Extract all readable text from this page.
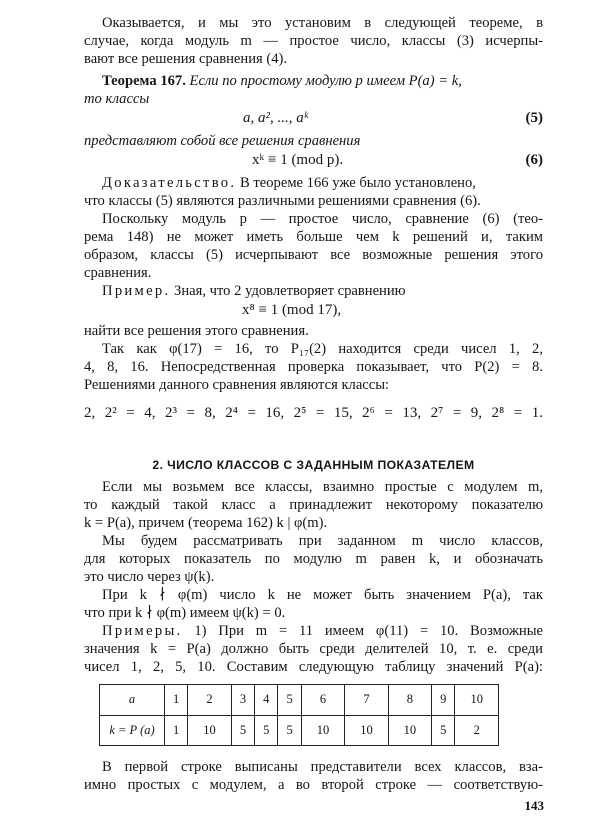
Оказывается, и мы это установим в следующей теореме, в
случае, когда модуль m — простое число, классы (3) исчерпы-
вают все решения сравнения (4).
Теорема 167. Если по простому модулю p имеем P(a) = k,
то классы
a, a², ..., aᵏ	(5)
представляют собой все решения сравнения
xᵏ ≡ 1 (mod p).	(6)
Доказательство. В теореме 166 уже было установлено,
что классы (5) являются различными решениями сравнения (6).
Поскольку модуль p — простое число, сравнение (6) (тео-
рема 148) не может иметь больше чем k решений и, таким
образом, классы (5) исчерпывают все возможные решения этого
сравнения.
Пример. Зная, что 2 удовлетворяет сравнению
x⁸ ≡ 1 (mod 17),
найти все решения этого сравнения.
Так как φ(17) = 16, то P₁₇(2) находится среди чисел 1, 2,
4, 8, 16. Непосредственная проверка показывает, что P(2) = 8.
Решениями данного сравнения являются классы:
2, 2² = 4, 2³ = 8, 2⁴ = 16, 2⁵ = 15, 2⁶ = 13, 2⁷ = 9, 2⁸ = 1.
2. ЧИСЛО КЛАССОВ С ЗАДАННЫМ ПОКАЗАТЕЛЕМ
Если мы возьмем все классы, взаимно простые с модулем m,
то каждый такой класс a принадлежит некоторому показателю
k = P(a), причем (теорема 162) k | φ(m).
Мы будем рассматривать при заданном m число классов,
для которых показатель по модулю m равен k, и обозначать
это число через ψ(k).
При k ∤ φ(m) число k не может быть значением P(a), так
что при k ∤ φ(m) имеем ψ(k) = 0.
a	1	2	3	4	5	6	7	8	9	10
k = P (a)	1	10	5	5	5	10	10	10	5	2
В первой строке выписаны представители всех классов, вза-
имно простых с модулем, а во второй строке — соответствую-
143
Примеры. 1) При m = 11 имеем φ(11) = 10. Возможные
значения k = P(a) должно быть среди делителей 10, т. е. среди
чисел 1, 2, 5, 10. Составим следующую таблицу значений P(a):
